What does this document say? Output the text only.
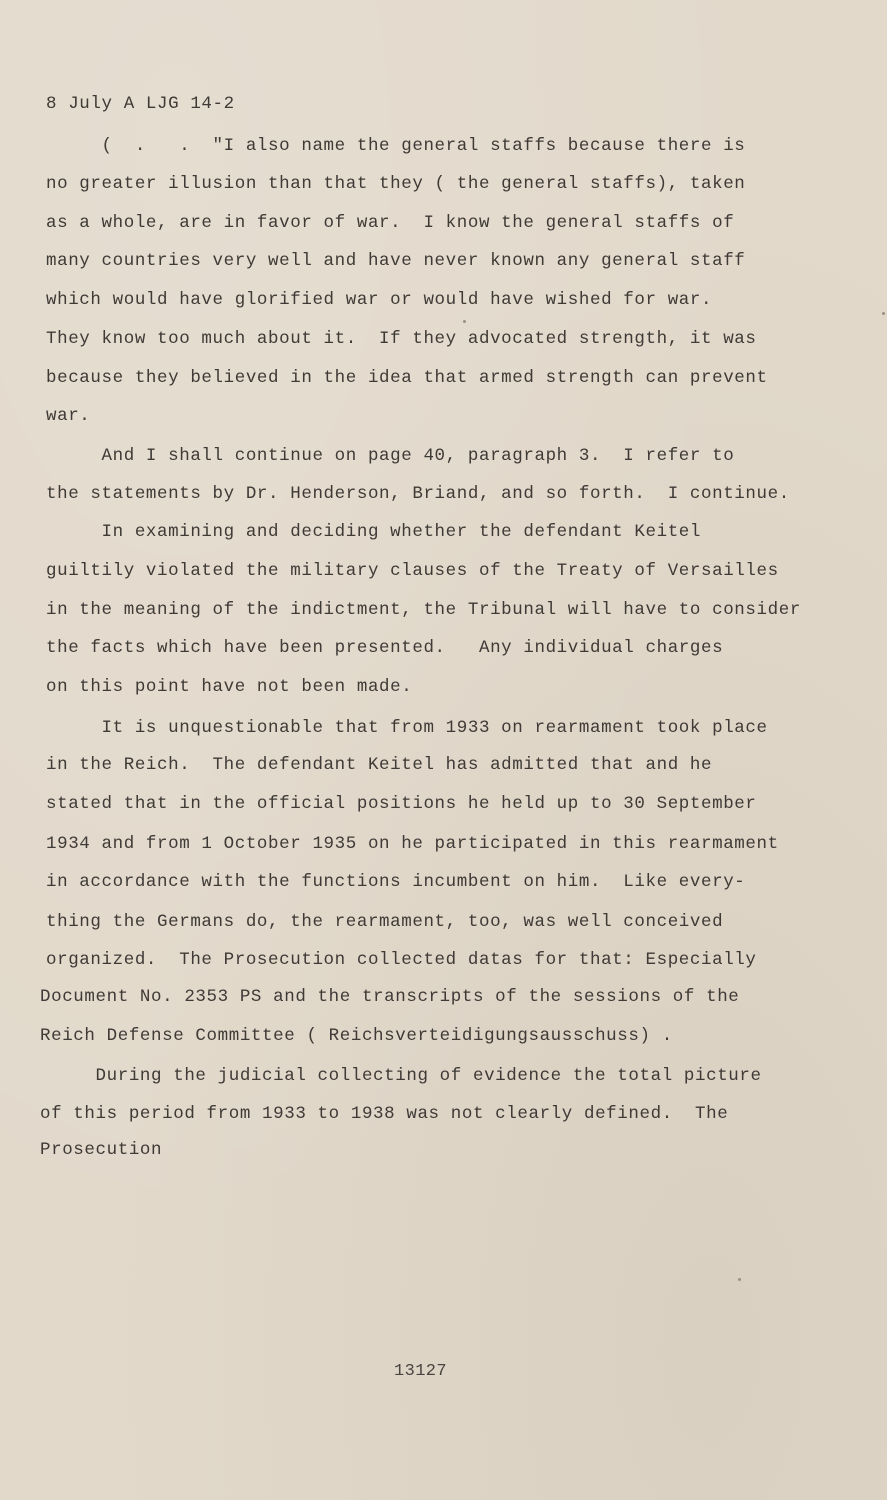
8 July A LJG 14-2
(  .   .  "I also name the general staffs because there is
no greater illusion than that they ( the general staffs), taken
as a whole, are in favor of war.  I know the general staffs of
many countries very well and have never known any general staff
which would have glorified war or would have wished for war.
They know too much about it.  If they advocated strength, it was
because they believed in the idea that armed strength can prevent
war.
And I shall continue on page 40, paragraph 3.  I refer to
the statements by Dr. Henderson, Briand, and so forth.  I continue.
In examining and deciding whether the defendant Keitel
guiltily violated the military clauses of the Treaty of Versailles
in the meaning of the indictment, the Tribunal will have to consider
the facts which have been presented.   Any individual charges
on this point have not been made.
It is unquestionable that from 1933 on rearmament took place
in the Reich.  The defendant Keitel has admitted that and he
stated that in the official positions he held up to 30 September
1934 and from 1 October 1935 on he participated in this rearmament
in accordance with the functions incumbent on him.  Like every-
thing the Germans do, the rearmament, too, was well conceived
organized.  The Prosecution collected datas for that: Especially
Document No. 2353 PS and the transcripts of the sessions of the
Reich Defense Committee ( Reichsverteidigungsausschuss) .
During the judicial collecting of evidence the total picture
of this period from 1933 to 1938 was not clearly defined.  The
Prosecution
13127
